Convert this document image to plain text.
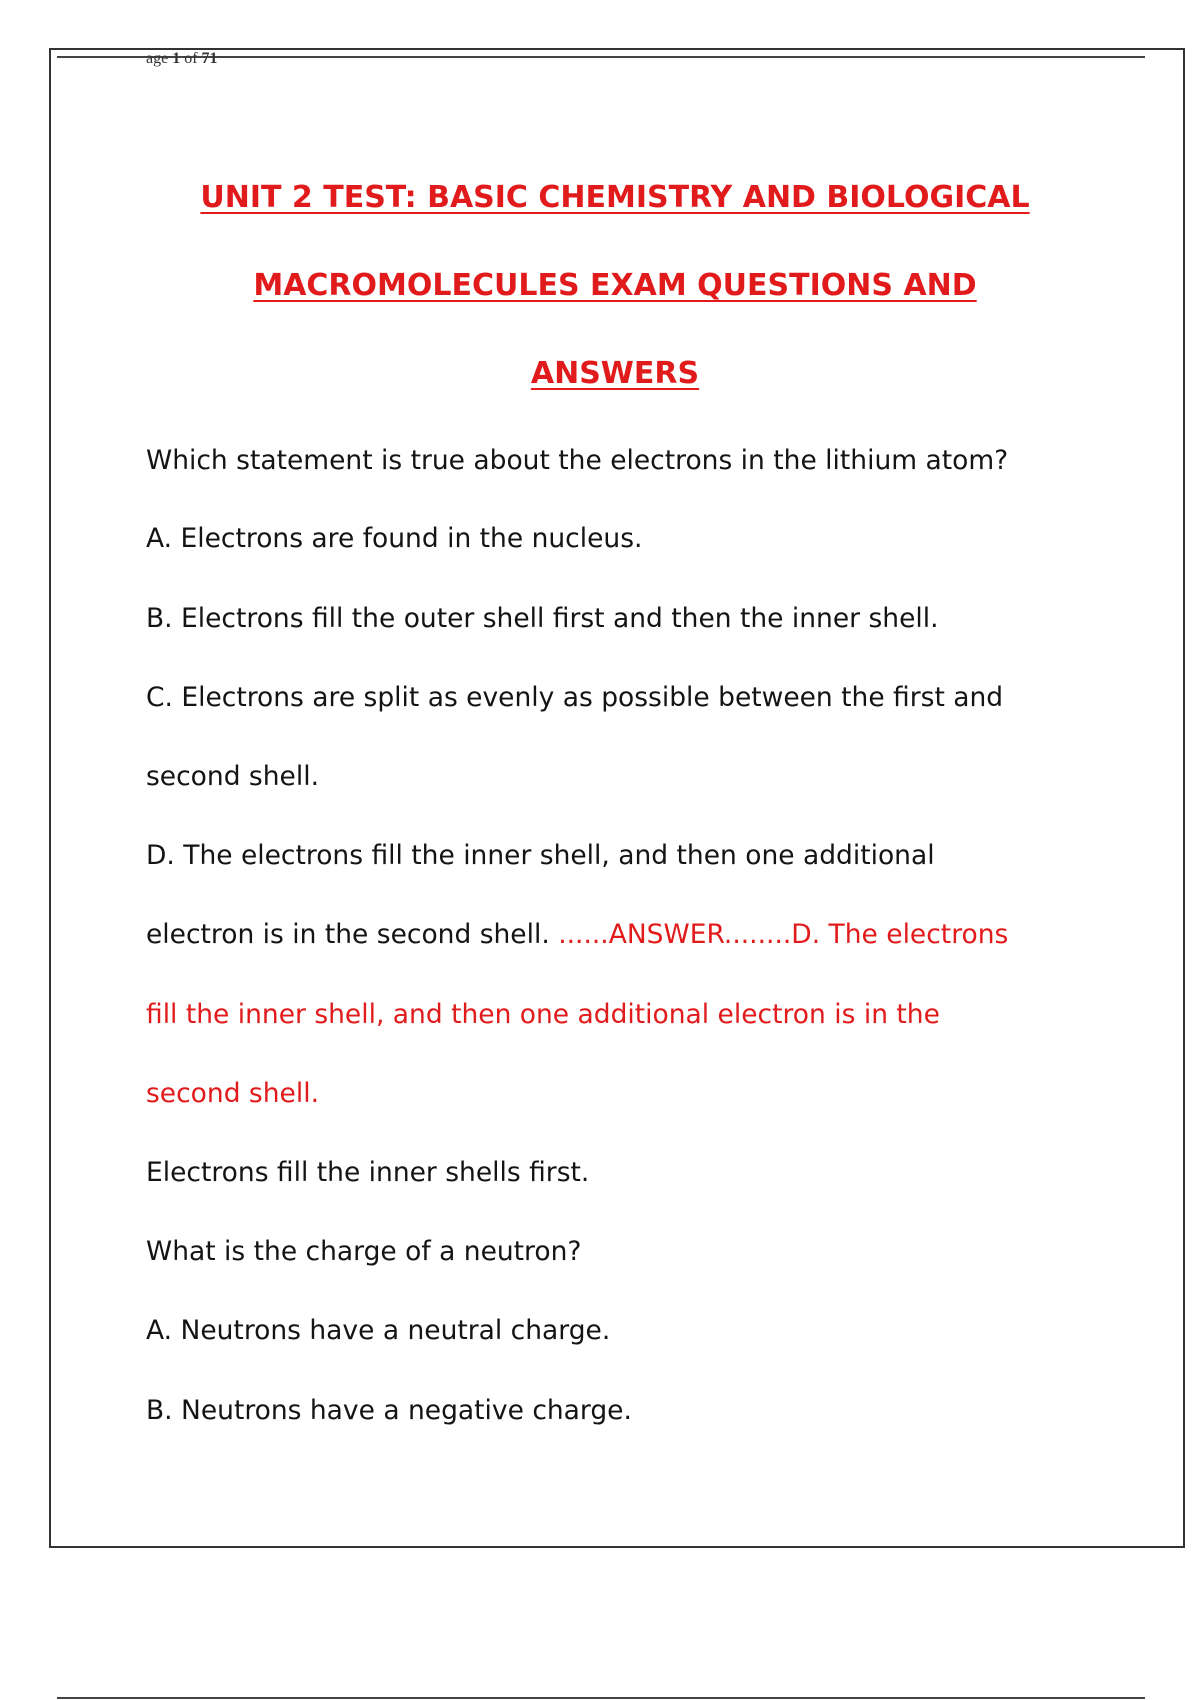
age 1 of 71
UNIT 2 TEST: BASIC CHEMISTRY AND BIOLOGICAL
MACROMOLECULES EXAM QUESTIONS AND
ANSWERS
Which statement is true about the electrons in the lithium atom?
A. Electrons are found in the nucleus.
B. Electrons fill the outer shell first and then the inner shell.
C. Electrons are split as evenly as possible between the first and
second shell.
D. The electrons fill the inner shell, and then one additional
electron is in the second shell. ......ANSWER........D. The electrons
fill the inner shell, and then one additional electron is in the
second shell.
Electrons fill the inner shells first.
What is the charge of a neutron?
A. Neutrons have a neutral charge.
B. Neutrons have a negative charge.
